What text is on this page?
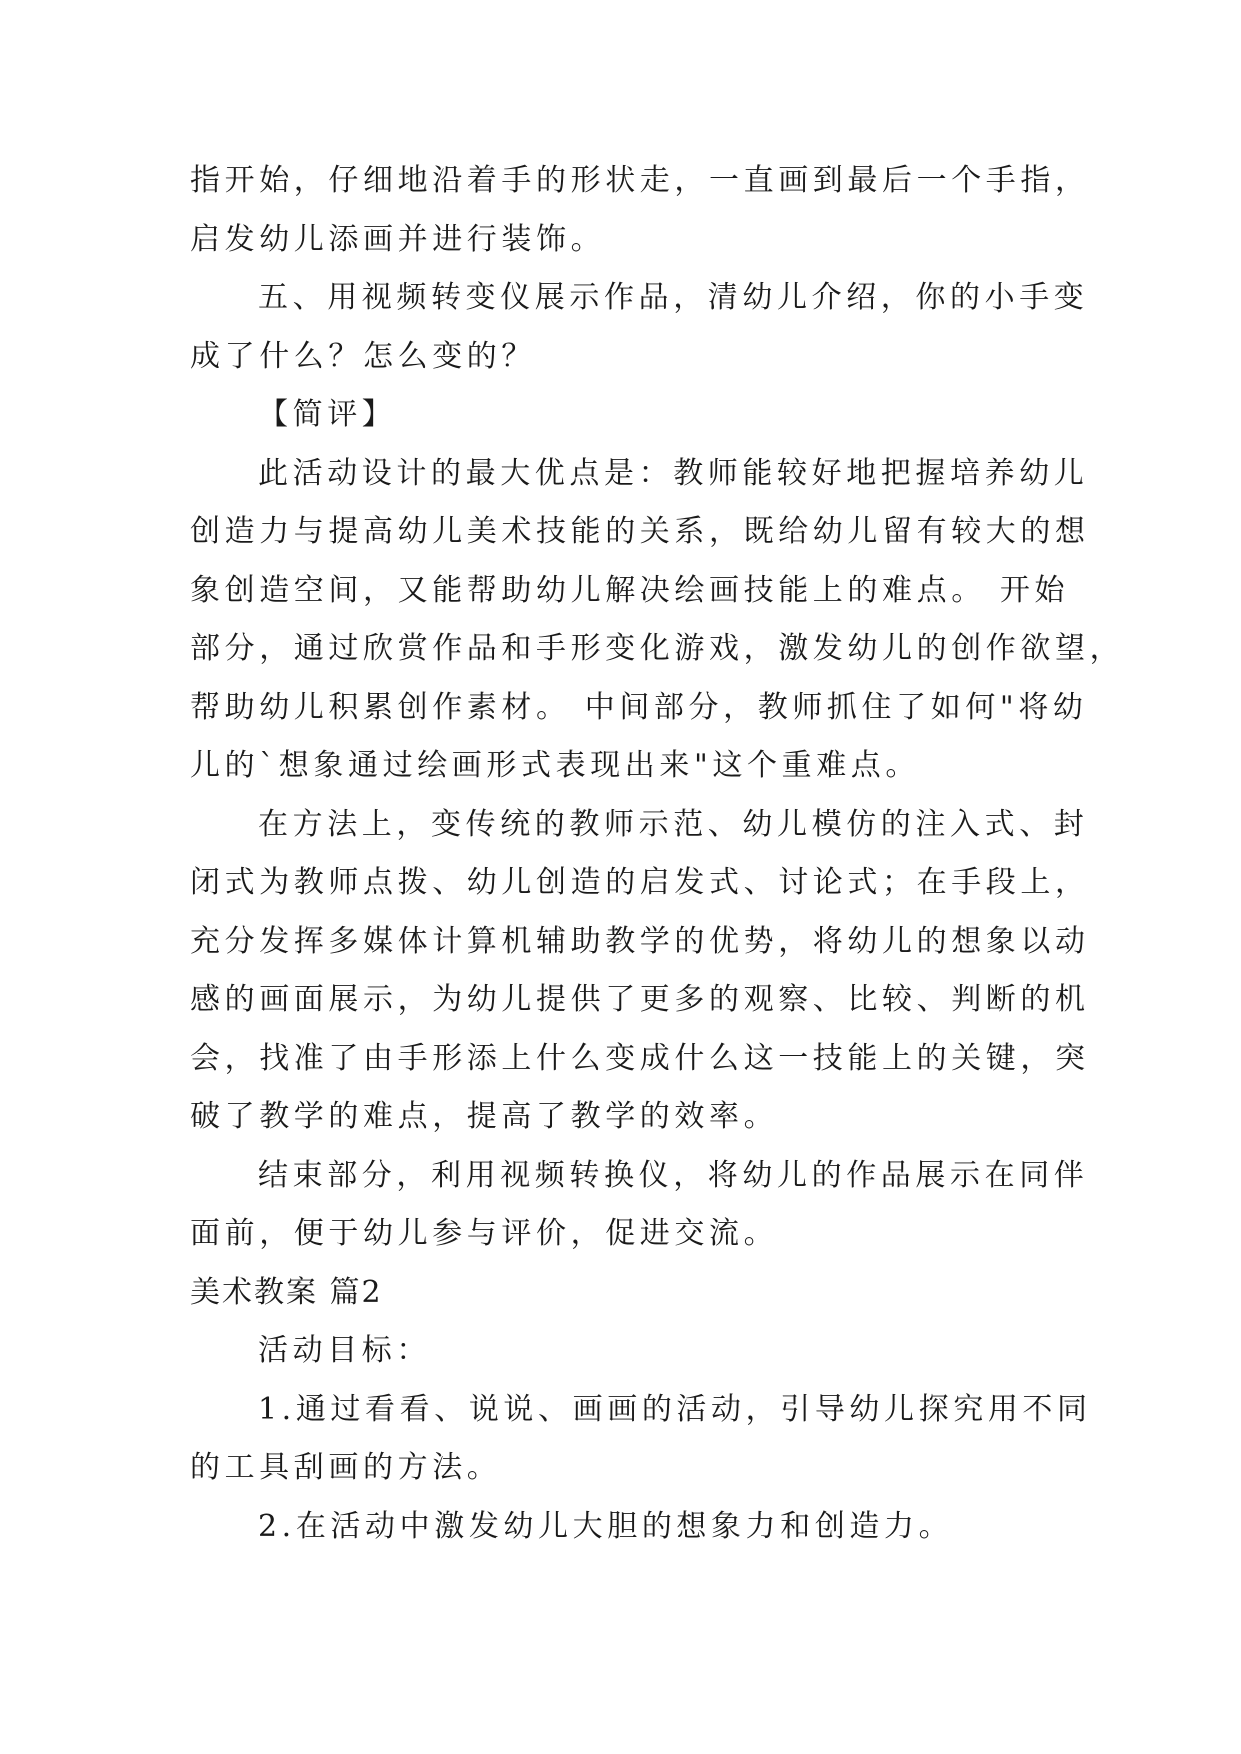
指开始，仔细地沿着手的形状走，一直画到最后一个手指，

启发幼儿添画并进行装饰。

五、用视频转变仪展示作品，清幼儿介绍，你的小手变

成了什么？怎么变的？

【简评】

此活动设计的最大优点是：教师能较好地把握培养幼儿

创造力与提高幼儿美术技能的关系，既给幼儿留有较大的想

象创造空间，又能帮助幼儿解决绘画技能上的难点。 开始

部分，通过欣赏作品和手形变化游戏，激发幼儿的创作欲望，

帮助幼儿积累创作素材。 中间部分，教师抓住了如何"将幼

儿的`想象通过绘画形式表现出来"这个重难点。

在方法上，变传统的教师示范、幼儿模仿的注入式、封

闭式为教师点拨、幼儿创造的启发式、讨论式；在手段上，

充分发挥多媒体计算机辅助教学的优势，将幼儿的想象以动

感的画面展示，为幼儿提供了更多的观察、比较、判断的机

会，找准了由手形添上什么变成什么这一技能上的关键，突

破了教学的难点，提高了教学的效率。

结束部分，利用视频转换仪，将幼儿的作品展示在同伴

面前，便于幼儿参与评价，促进交流。

美术教案 篇2

活动目标：

1.通过看看、说说、画画的活动，引导幼儿探究用不同

的工具刮画的方法。

2.在活动中激发幼儿大胆的想象力和创造力。
